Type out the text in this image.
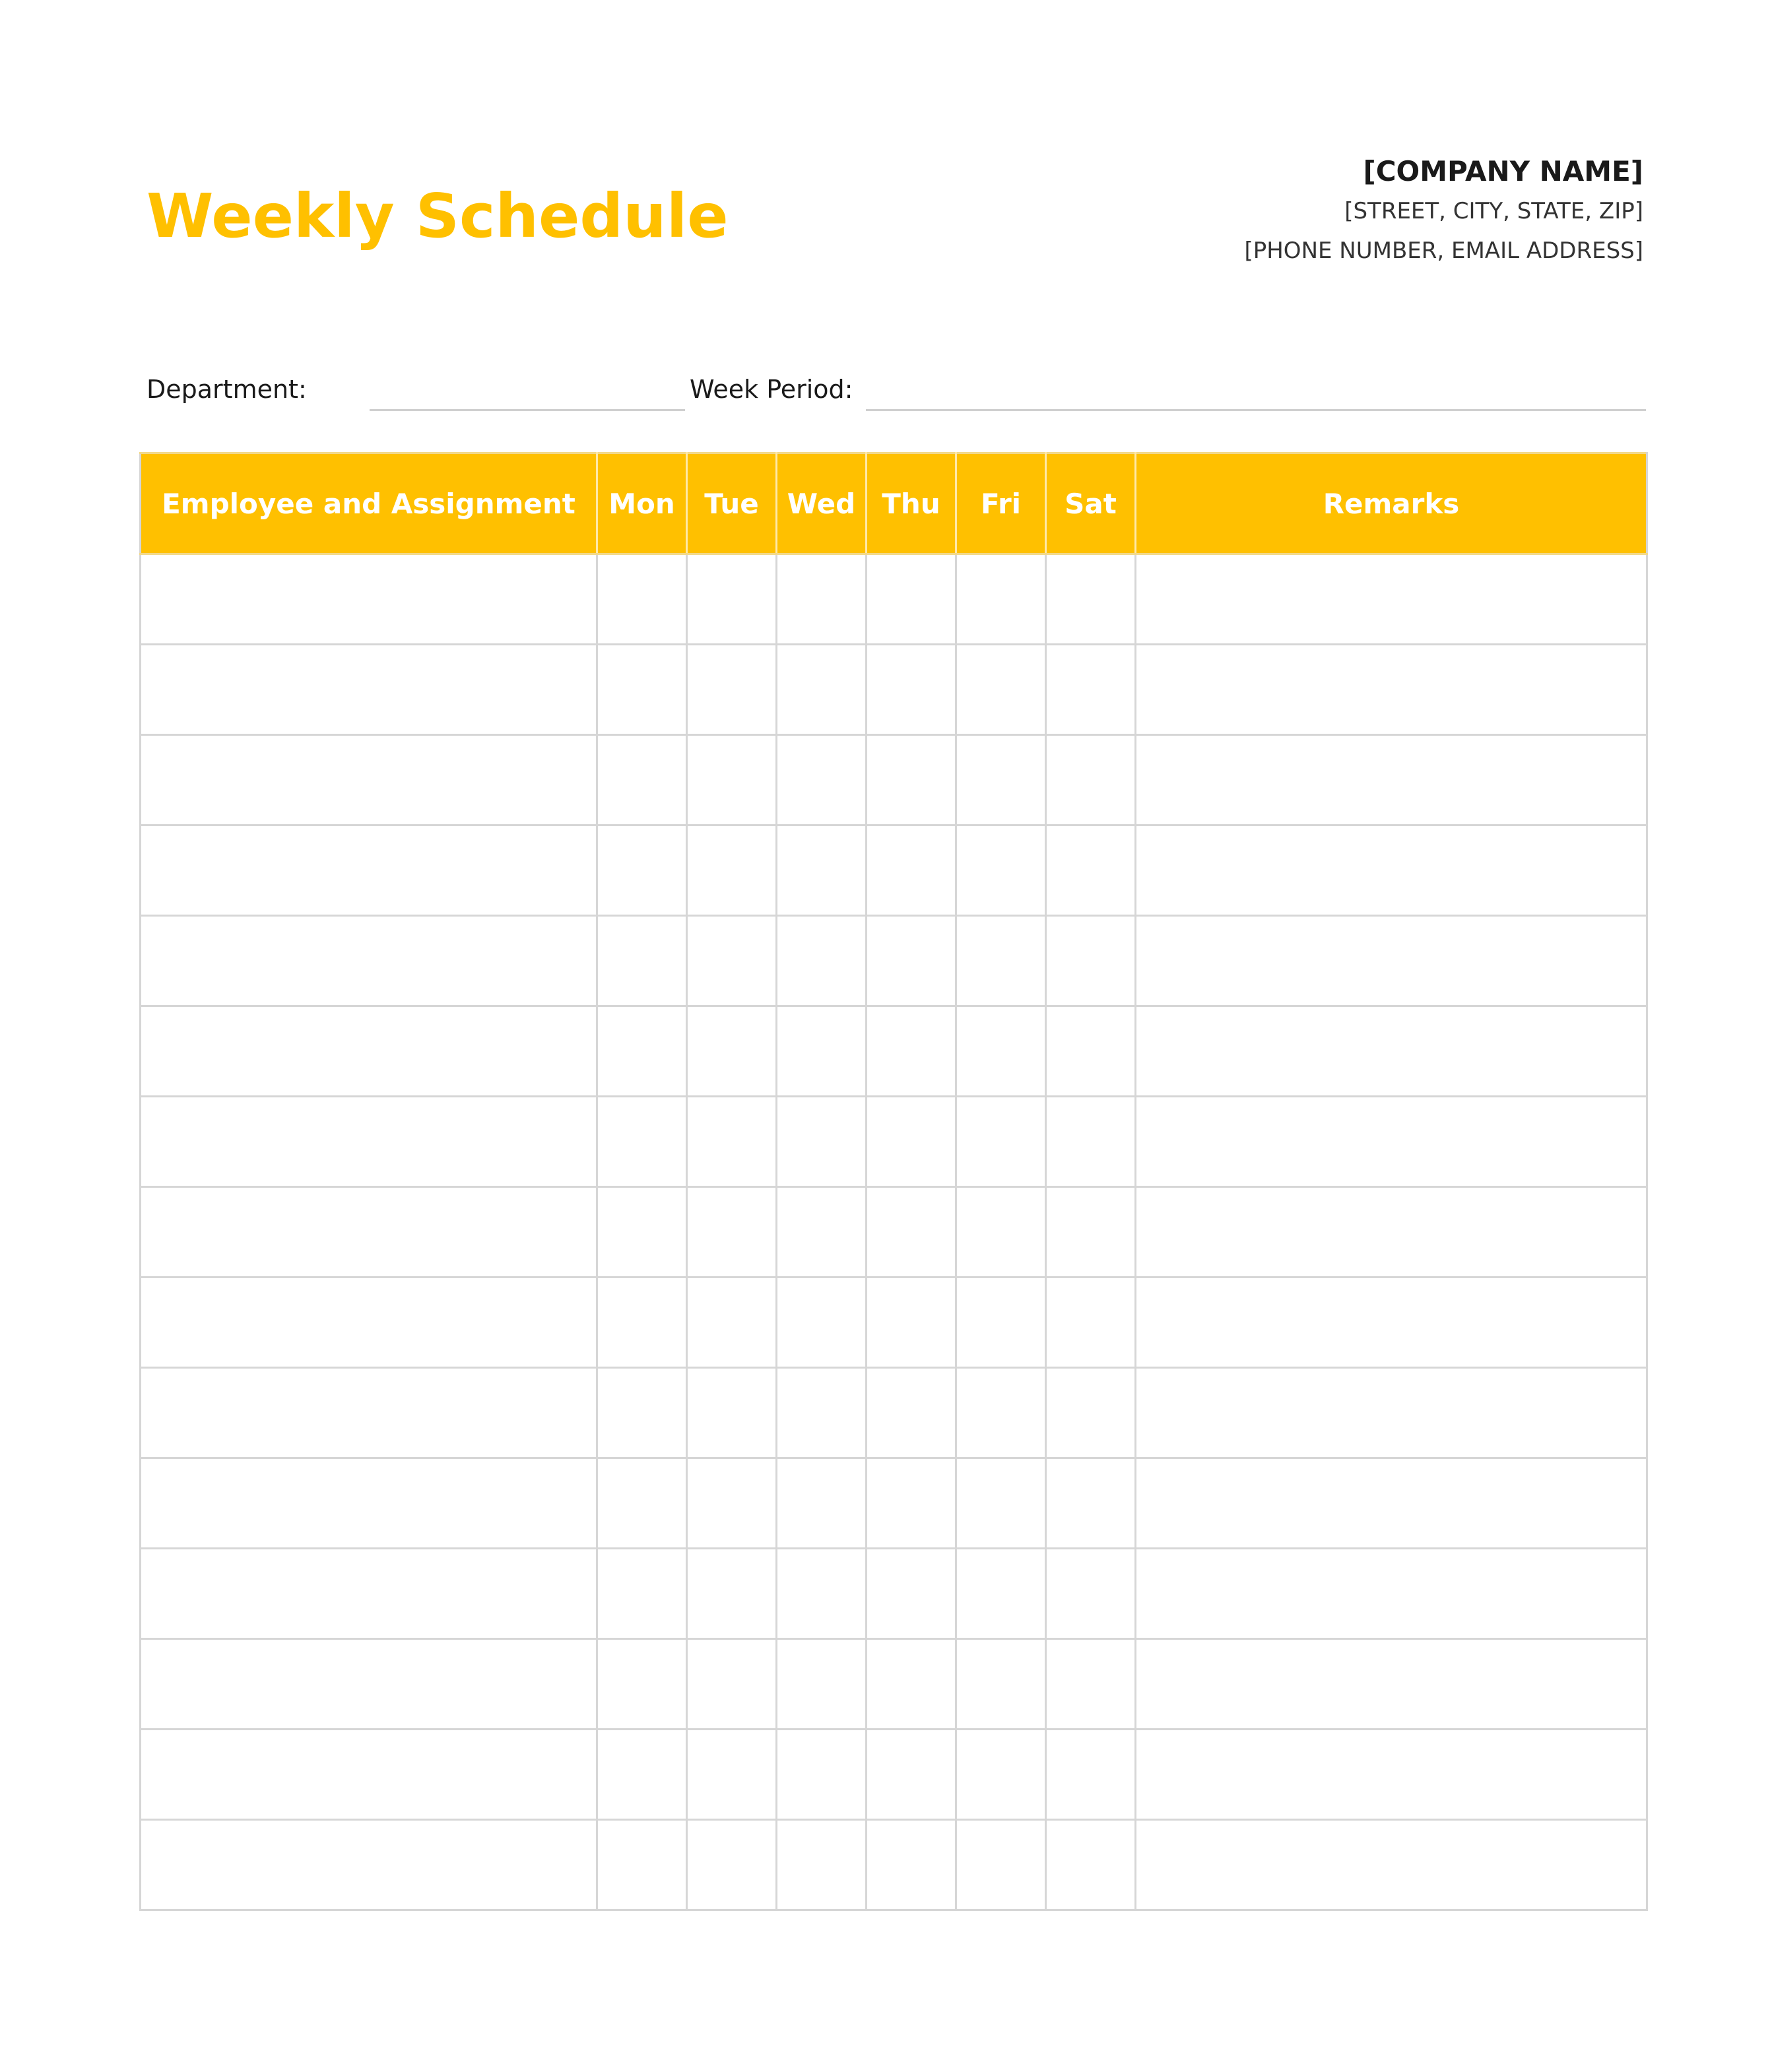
Weekly Schedule
[COMPANY NAME]
[STREET, CITY, STATE, ZIP]
[PHONE NUMBER, EMAIL ADDRESS]
Department:	Week Period:
Employee and Assignment	Mon	Tue	Wed	Thu	Fri	Sat	Remarks
